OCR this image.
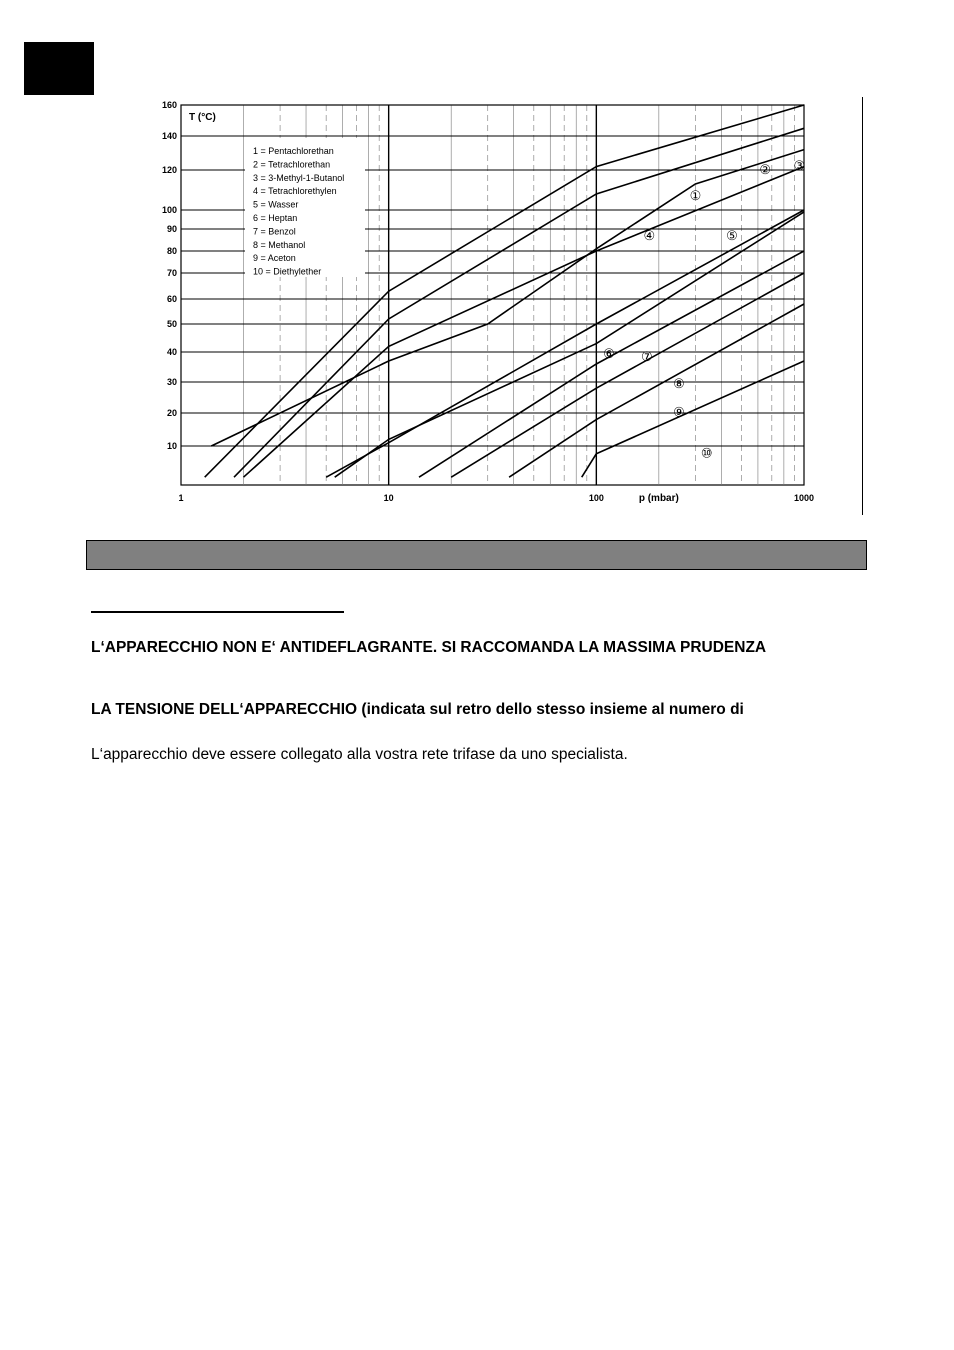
160
140
120
100
90
80
70
60
50
40
30
20
10
1	10	100	1000
T (°C)
p (mbar)
1 = Pentachlorethan
2 = Tetrachlorethan
3 = 3-Methyl-1-Butanol
4 = Tetrachlorethylen
5 = Wasser
6 = Heptan
7 = Benzol
8 = Methanol
9 = Aceton
10 = Diethylether
①
② ③
④	⑤
⑥ ⑦
⑧
⑨
⑩
L‘APPARECCHIO NON E‘ ANTIDEFLAGRANTE. SI RACCOMANDA LA MASSIMA PRUDENZA
LA TENSIONE DELL‘APPARECCHIO (indicata sul retro dello stesso insieme al numero di
L‘apparecchio deve essere collegato alla vostra rete trifase da uno specialista.
